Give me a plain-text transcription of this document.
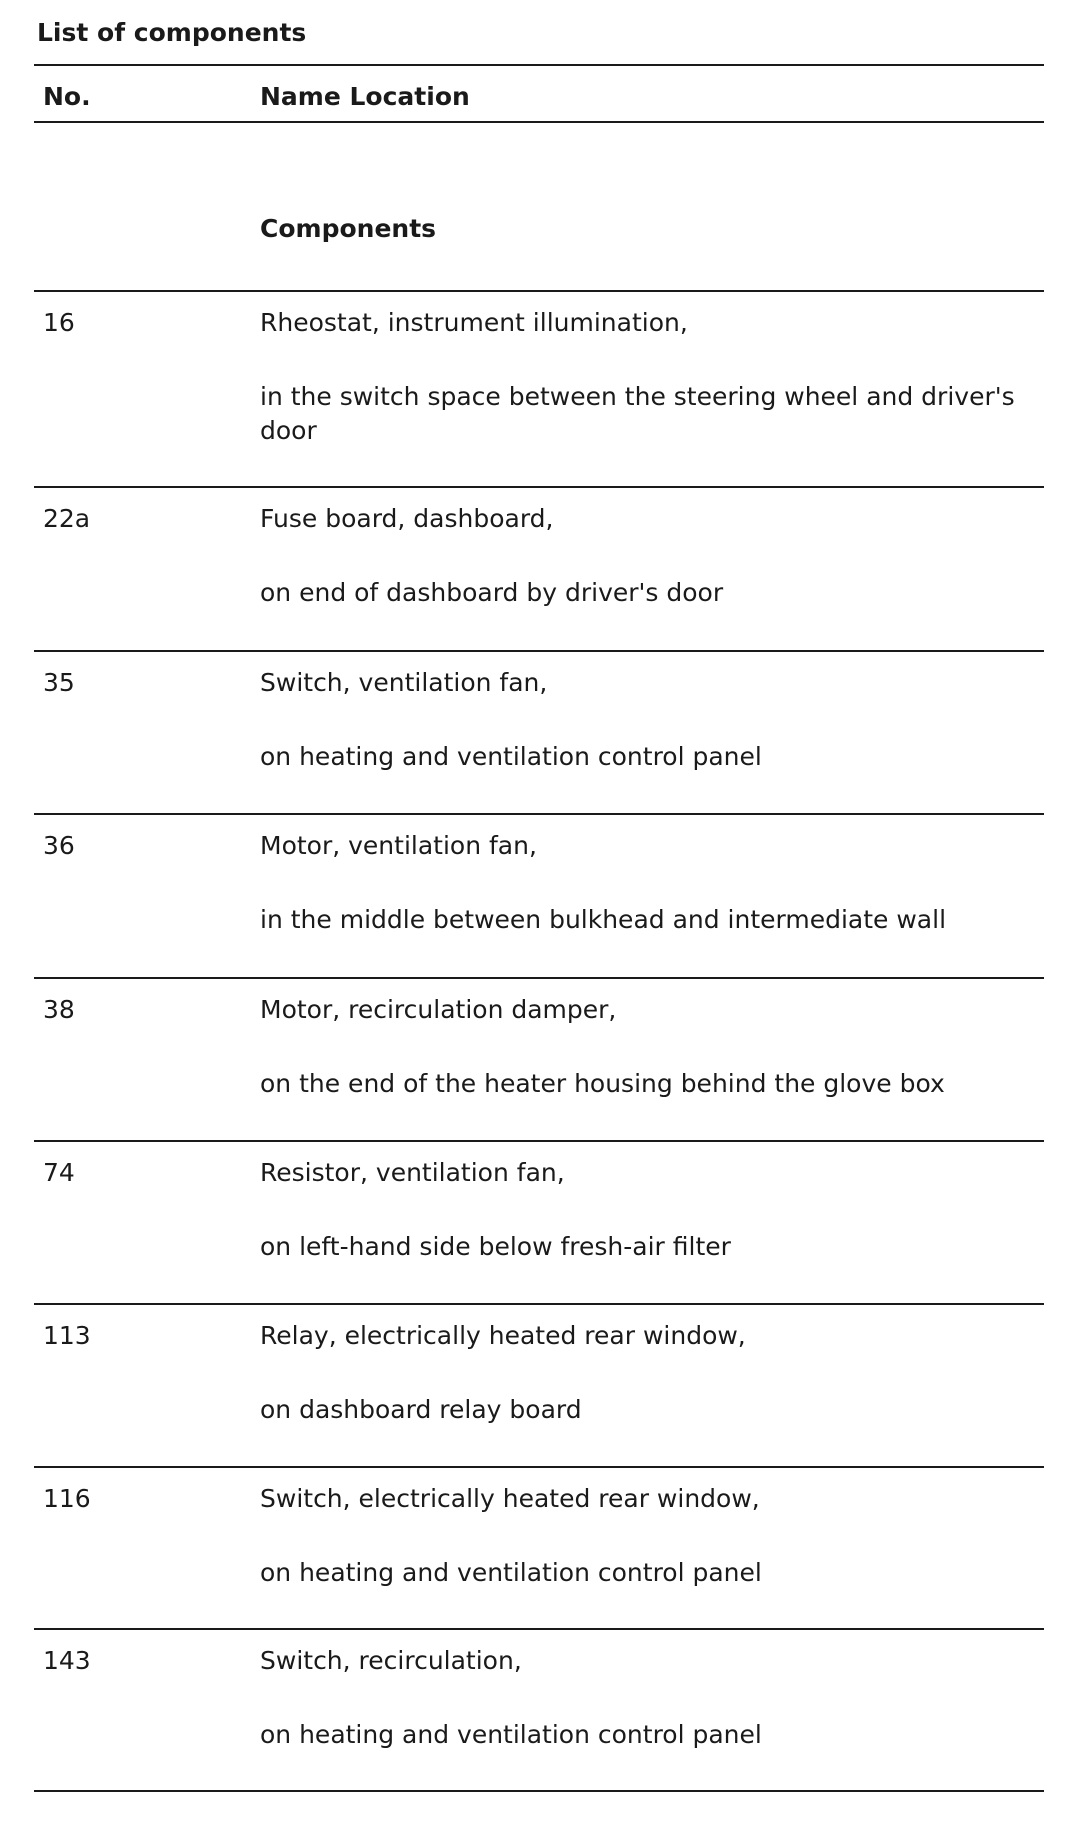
List of components
No.	Name Location
Components
16	Rheostat, instrument illumination,
in the switch space between the steering wheel and driver's door
22a	Fuse board, dashboard,
on end of dashboard by driver's door
35	Switch, ventilation fan,
on heating and ventilation control panel
36	Motor, ventilation fan,
in the middle between bulkhead and intermediate wall
38	Motor, recirculation damper,
on the end of the heater housing behind the glove box
74	Resistor, ventilation fan,
on left-hand side below fresh-air filter
113	Relay, electrically heated rear window,
on dashboard relay board
116	Switch, electrically heated rear window,
on heating and ventilation control panel
143	Switch, recirculation,
on heating and ventilation control panel
